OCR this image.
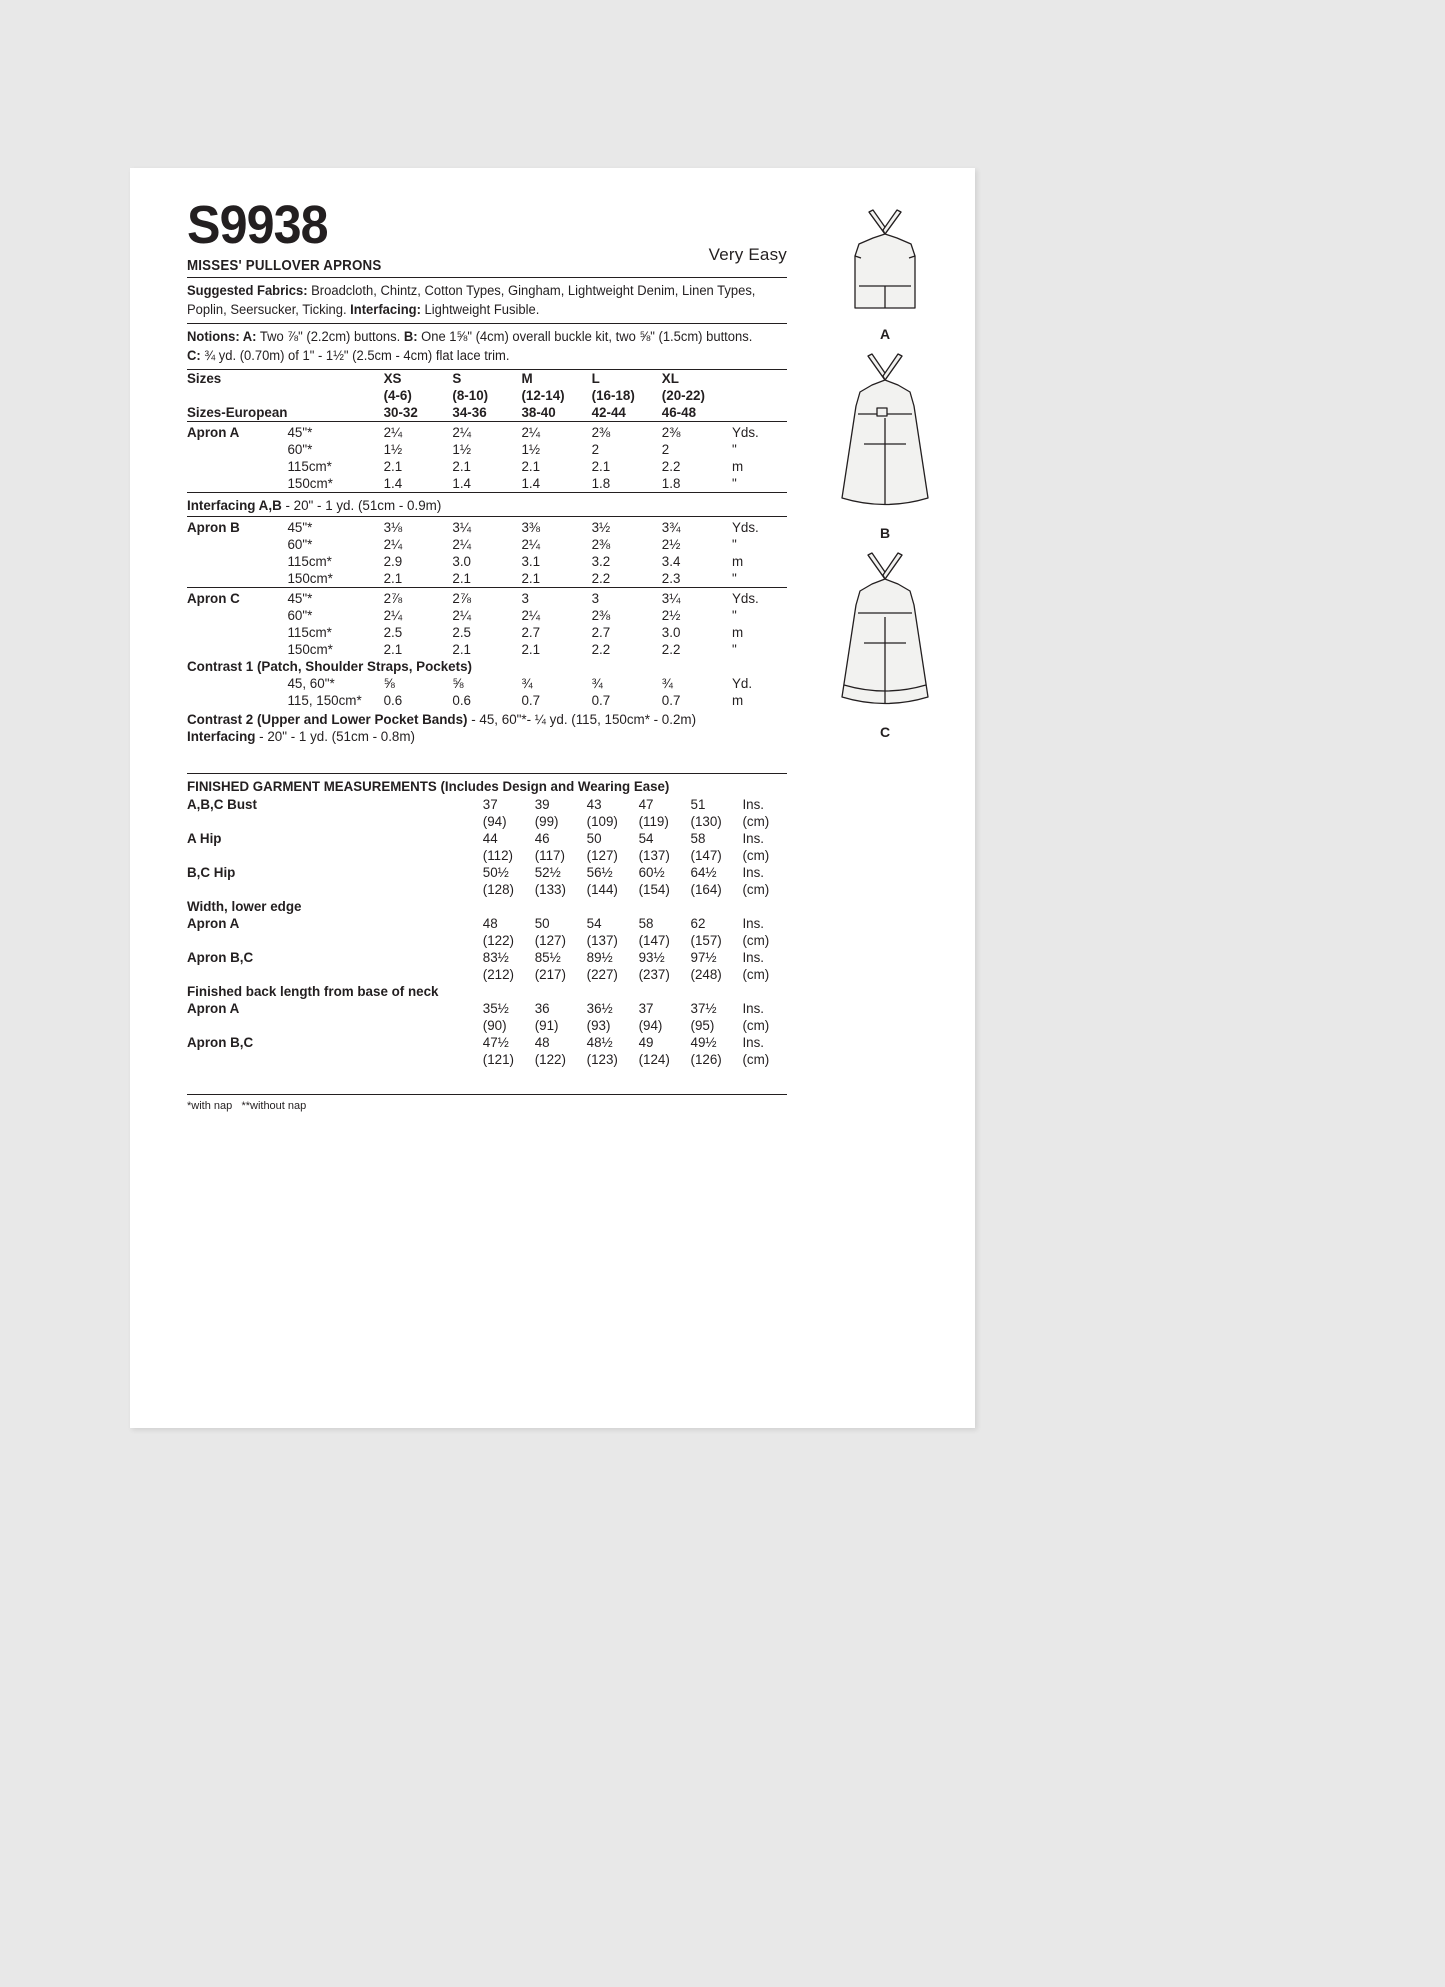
S9938	Very Easy
MISSES' PULLOVER APRONS
Suggested Fabrics: Broadcloth, Chintz, Cotton Types, Gingham, Lightweight Denim, Linen Types, Poplin, Seersucker, Ticking. Interfacing: Lightweight Fusible.
Notions: A: Two ⅞" (2.2cm) buttons. B: One 1⅝" (4cm) overall buckle kit, two ⅝" (1.5cm) buttons. C: ¾ yd. (0.70m) of 1" - 1½" (2.5cm - 4cm) flat lace trim.
Sizes		XS	S	M	L	XL	
		(4-6)	(8-10)	(12-14)	(16-18)	(20-22)	
Sizes-European		30-32	34-36	38-40	42-44	46-48	

Apron A	45"*	2¼	2¼	2¼	2⅜	2⅜	Yds.
	60"*	1½	1½	1½	2	2	"
	115cm*	2.1	2.1	2.1	2.1	2.2	m
	150cm*	1.4	1.4	1.4	1.8	1.8	"

Interfacing A,B - 20" - 1 yd. (51cm - 0.9m)							

Apron B	45"*	3⅛	3¼	3⅜	3½	3¾	Yds.
	60"*	2¼	2¼	2¼	2⅜	2½	"
	115cm*	2.9	3.0	3.1	3.2	3.4	m
	150cm*	2.1	2.1	2.1	2.2	2.3	"

Apron C	45"*	2⅞	2⅞	3	3	3¼	Yds.
	60"*	2¼	2¼	2¼	2⅜	2½	"
	115cm*	2.5	2.5	2.7	2.7	3.0	m
	150cm*	2.1	2.1	2.1	2.2	2.2	"
Contrast 1 (Patch, Shoulder Straps, Pockets)							
	45, 60"*	⅝	⅝	¾	¾	¾	Yd.
	115, 150cm*	0.6	0.6	0.7	0.7	0.7	m
Contrast 2 (Upper and Lower Pocket Bands) - 45, 60"*- ¼ yd. (115, 150cm* - 0.2m)							
Interfacing - 20" - 1 yd. (51cm - 0.8m)							
FINISHED GARMENT MEASUREMENTS (Includes Design and Wearing Ease)
A,B,C Bust	37	39	43	47	51	Ins.
	(94)	(99)	(109)	(119)	(130)	(cm)
A Hip	44	46	50	54	58	Ins.
	(112)	(117)	(127)	(137)	(147)	(cm)
B,C Hip	50½	52½	56½	60½	64½	Ins.
	(128)	(133)	(144)	(154)	(164)	(cm)
Width, lower edge						
Apron A	48	50	54	58	62	Ins.
	(122)	(127)	(137)	(147)	(157)	(cm)
Apron B,C	83½	85½	89½	93½	97½	Ins.
	(212)	(217)	(227)	(237)	(248)	(cm)
Finished back length from base of neck						
Apron A	35½	36	36½	37	37½	Ins.
	(90)	(91)	(93)	(94)	(95)	(cm)
Apron B,C	47½	48	48½	49	49½	Ins.
	(121)	(122)	(123)	(124)	(126)	(cm)
*with nap **without nap
A
B
C
